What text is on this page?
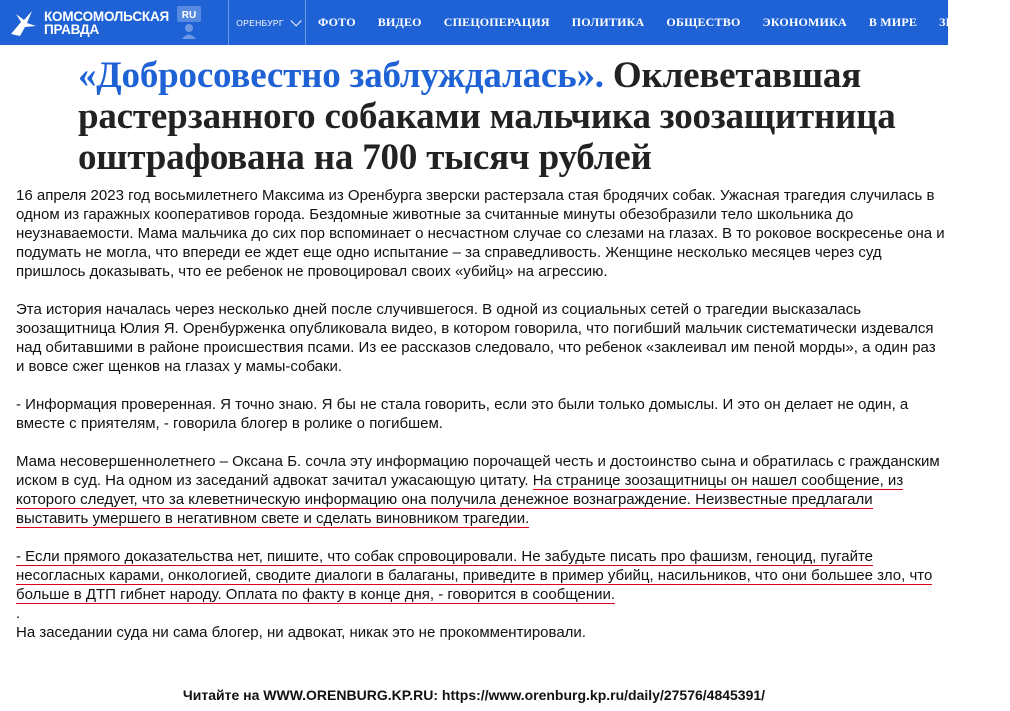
КОМСОМОЛЬСКАЯ
ПРАВДА
RU
ОРЕНБУРГ	ФОТО ВИДЕО СПЕЦОПЕРАЦИЯ ПОЛИТИКА ОБЩЕСТВО ЭКОНОМИКА В МИРЕ ЗВЕЗДЫ
«Добросовестно заблуждалась». Оклеветавшая
растерзанного собаками мальчика зоозащитница
оштрафована на 700 тысяч рублей

16 апреля 2023 год восьмилетнего Максима из Оренбурга зверски растерзала стая бродячих собак. Ужасная трагедия случилась в одном из гаражных кооперативов города. Бездомные животные за считанные минуты обезобразили тело школьника до неузнаваемости. Мама мальчика до сих пор вспоминает о несчастном случае со слезами на глазах. В то роковое воскресенье она и подумать не могла, что впереди ее ждет еще одно испытание – за справедливость. Женщине несколько месяцев через суд пришлось доказывать, что ее ребенок не провоцировал своих «убийц» на агрессию.

Эта история началась через несколько дней после случившегося. В одной из социальных сетей о трагедии высказалась зоозащитница Юлия Я. Оренбурженка опубликовала видео, в котором говорила, что погибший мальчик систематически издевался над обитавшими в районе происшествия псами. Из ее рассказов следовало, что ребенок «заклеивал им пеной морды», а один раз и вовсе сжег щенков на глазах у мамы-собаки.

- Информация проверенная. Я точно знаю. Я бы не стала говорить, если это были только домыслы. И это он делает не один, а вместе с приятелям, - говорила блогер в ролике о погибшем.

Мама несовершеннолетнего – Оксана Б. сочла эту информацию порочащей честь и достоинство сына и обратилась с гражданским иском в суд. На одном из заседаний адвокат зачитал ужасающую цитату. На странице зоозащитницы он нашел сообщение, из которого следует, что за клеветническую информацию она получила денежное вознаграждение. Неизвестные предлагали выставить умершего в негативном свете и сделать виновником трагедии.

- Если прямого доказательства нет, пишите, что собак спровоцировали. Не забудьте писать про фашизм, геноцид, пугайте несогласных карами, онкологией, сводите диалоги в балаганы, приведите в пример убийц, насильников, что они большее зло, что больше в ДТП гибнет народу. Оплата по факту в конце дня, - говорится в сообщении.

.

На заседании суда ни сама блогер, ни адвокат, никак это не прокомментировали.

Читайте на WWW.ORENBURG.KP.RU: https://www.orenburg.kp.ru/daily/27576/4845391/
